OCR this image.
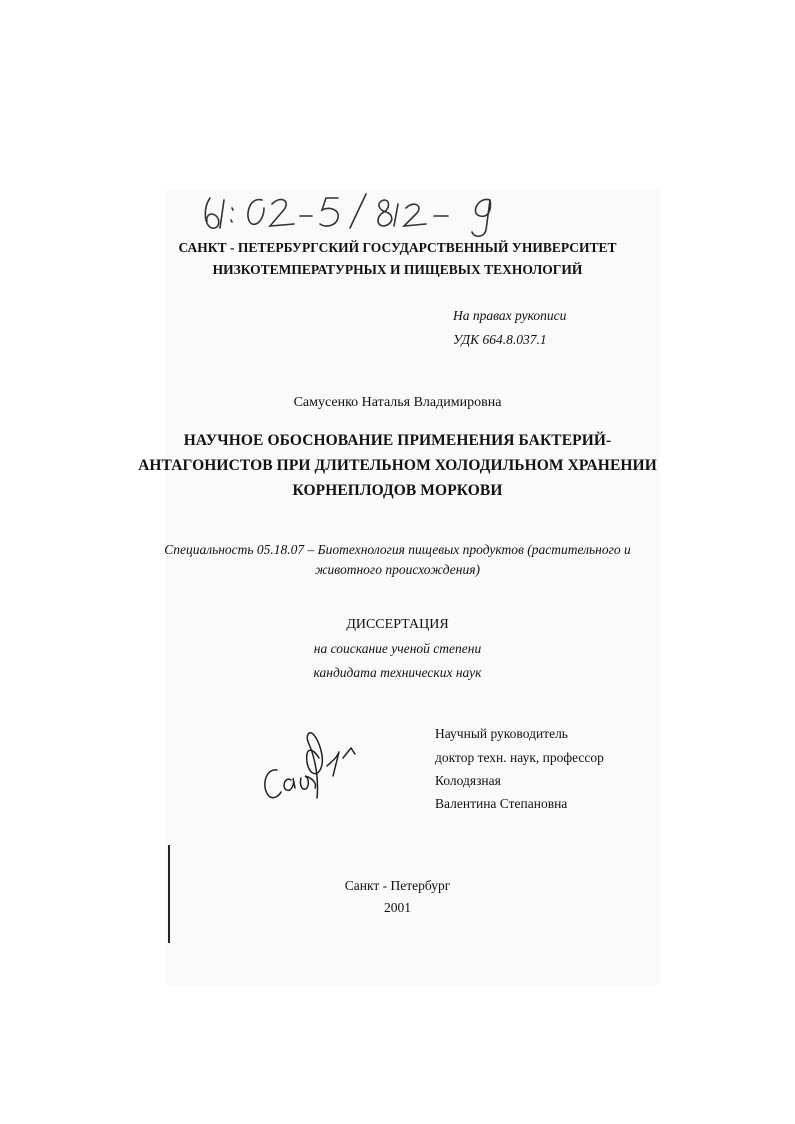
САНКТ - ПЕТЕРБУРГСКИЙ ГОСУДАРСТВЕННЫЙ УНИВЕРСИТЕТ
НИЗКОТЕМПЕРАТУРНЫХ И ПИЩЕВЫХ ТЕХНОЛОГИЙ
На правах рукописи
УДК 664.8.037.1
Самусенко Наталья Владимировна
НАУЧНОЕ ОБОСНОВАНИЕ ПРИМЕНЕНИЯ БАКТЕРИЙ-
АНТАГОНИСТОВ ПРИ ДЛИТЕЛЬНОМ ХОЛОДИЛЬНОМ ХРАНЕНИИ
КОРНЕПЛОДОВ МОРКОВИ
Специальность 05.18.07 – Биотехнология пищевых продуктов (растительного и
животного происхождения)
ДИССЕРТАЦИЯ
на соискание ученой степени
кандидата технических наук
Научный руководитель
доктор техн. наук, профессор
Колодязная
Валентина Степановна
Санкт - Петербург
2001
